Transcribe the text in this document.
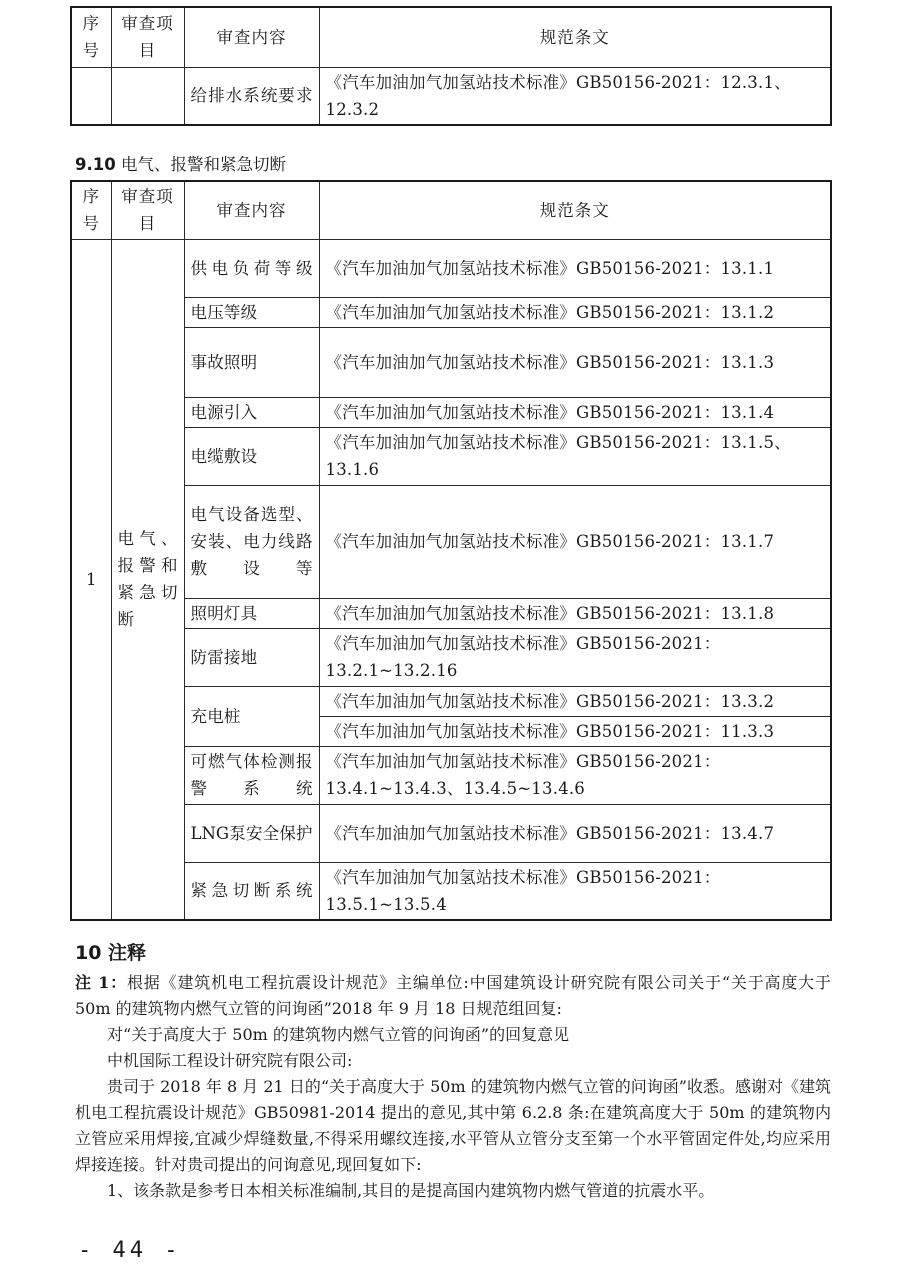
序号	审查项目	审查内容	规范条文
		给排水系统要求	《汽车加油加气加氢站技术标准》GB50156-2021：12.3.1、12.3.2
9.10 电气、报警和紧急切断
序号	审查项目	审查内容	规范条文
1	电气、报警和紧急切断	供电负荷等级	《汽车加油加气加氢站技术标准》GB50156-2021：13.1.1
		电压等级	《汽车加油加气加氢站技术标准》GB50156-2021：13.1.2
		事故照明	《汽车加油加气加氢站技术标准》GB50156-2021：13.1.3
		电源引入	《汽车加油加气加氢站技术标准》GB50156-2021：13.1.4
		电缆敷设	《汽车加油加气加氢站技术标准》GB50156-2021：13.1.5、13.1.6
		电气设备选型、安装、电力线路敷设等	《汽车加油加气加氢站技术标准》GB50156-2021：13.1.7
		照明灯具	《汽车加油加气加氢站技术标准》GB50156-2021：13.1.8
		防雷接地	《汽车加油加气加氢站技术标准》GB50156-2021：13.2.1~13.2.16
		充电桩	《汽车加油加气加氢站技术标准》GB50156-2021：13.3.2
			《汽车加油加气加氢站技术标准》GB50156-2021：11.3.3
		可燃气体检测报警系统	《汽车加油加气加氢站技术标准》GB50156-2021：13.4.1~13.4.3、13.4.5~13.4.6
		LNG泵安全保护	《汽车加油加气加氢站技术标准》GB50156-2021：13.4.7
		紧急切断系统	《汽车加油加气加氢站技术标准》GB50156-2021：13.5.1~13.5.4
10 注释

注 1：根据《建筑机电工程抗震设计规范》主编单位:中国建筑设计研究院有限公司关于“关于高度大于 50m 的建筑物内燃气立管的问询函”2018 年 9 月 18 日规范组回复:

对“关于高度大于 50m 的建筑物内燃气立管的问询函”的回复意见

中机国际工程设计研究院有限公司:

贵司于 2018 年 8 月 21 日的“关于高度大于 50m 的建筑物内燃气立管的问询函”收悉。感谢对《建筑机电工程抗震设计规范》GB50981-2014 提出的意见,其中第 6.2.8 条:在建筑高度大于 50m 的建筑物内立管应采用焊接,宜减少焊缝数量,不得采用螺纹连接,水平管从立管分支至第一个水平管固定件处,均应采用焊接连接。针对贵司提出的问询意见,现回复如下:

1、该条款是参考日本相关标准编制,其目的是提高国内建筑物内燃气管道的抗震水平。

- 44 -
